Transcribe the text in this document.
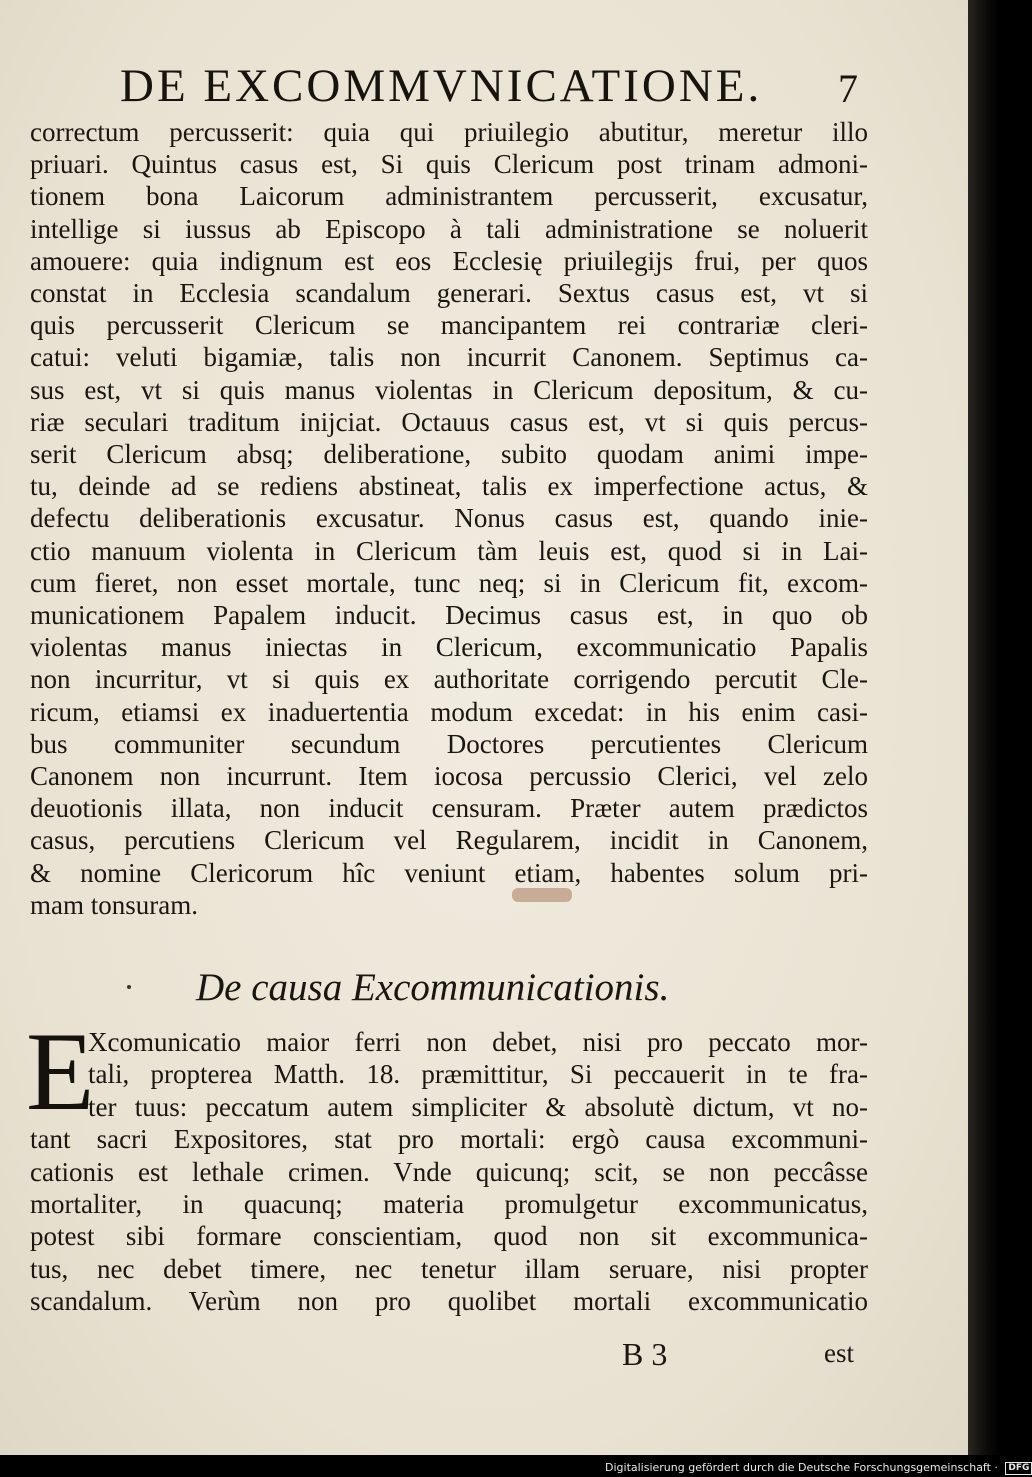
DE EXCOMMVNICATIONE.	7
correctum percusserit: quia qui priuilegio abutitur, meretur illo
priuari. Quintus casus est, Si quis Clericum post trinam admoni-
tionem bona Laicorum administrantem percusserit, excusatur,
intellige si iussus ab Episcopo à tali administratione se noluerit
amouere: quia indignum est eos Ecclesię priuilegijs frui, per quos
constat in Ecclesia scandalum generari. Sextus casus est, vt si
quis percusserit Clericum se mancipantem rei contrariæ cleri-
catui: veluti bigamiæ, talis non incurrit Canonem. Septimus ca-
sus est, vt si quis manus violentas in Clericum depositum, & cu-
riæ seculari traditum inijciat. Octauus casus est, vt si quis percus-
serit Clericum absq; deliberatione, subito quodam animi impe-
tu, deinde ad se rediens abstineat, talis ex imperfectione actus, &
defectu deliberationis excusatur. Nonus casus est, quando inie-
ctio manuum violenta in Clericum tàm leuis est, quod si in Lai-
cum fieret, non esset mortale, tunc neq; si in Clericum fit, excom-
municationem Papalem inducit. Decimus casus est, in quo ob
violentas manus iniectas in Clericum, excommunicatio Papalis
non incurritur, vt si quis ex authoritate corrigendo percutit Cle-
ricum, etiamsi ex inaduertentia modum excedat: in his enim casi-
bus communiter secundum Doctores percutientes Clericum
Canonem non incurrunt. Item iocosa percussio Clerici, vel zelo
deuotionis illata, non inducit censuram. Præter autem prædictos
casus, percutiens Clericum vel Regularem, incidit in Canonem,
& nomine Clericorum hîc veniunt etiam, habentes solum pri-
mam tonsuram.
De causa Excommunicationis.
E
Xcomunicatio maior ferri non debet, nisi pro peccato mor-
tali, propterea Matth. 18. præmittitur, Si peccauerit in te fra-
ter tuus: peccatum autem simpliciter & absolutè dictum, vt no-
tant sacri Expositores, stat pro mortali: ergò causa excommuni-
cationis est lethale crimen. Vnde quicunq; scit, se non peccâsse
mortaliter, in quacunq; materia promulgetur excommunicatus,
potest sibi formare conscientiam, quod non sit excommunica-
tus, nec debet timere, nec tenetur illam seruare, nisi propter
scandalum. Verùm non pro quolibet mortali excommunicatio
B 3	est
Digitalisierung gefördert durch die Deutsche Forschungsgemeinschaft · DFG
